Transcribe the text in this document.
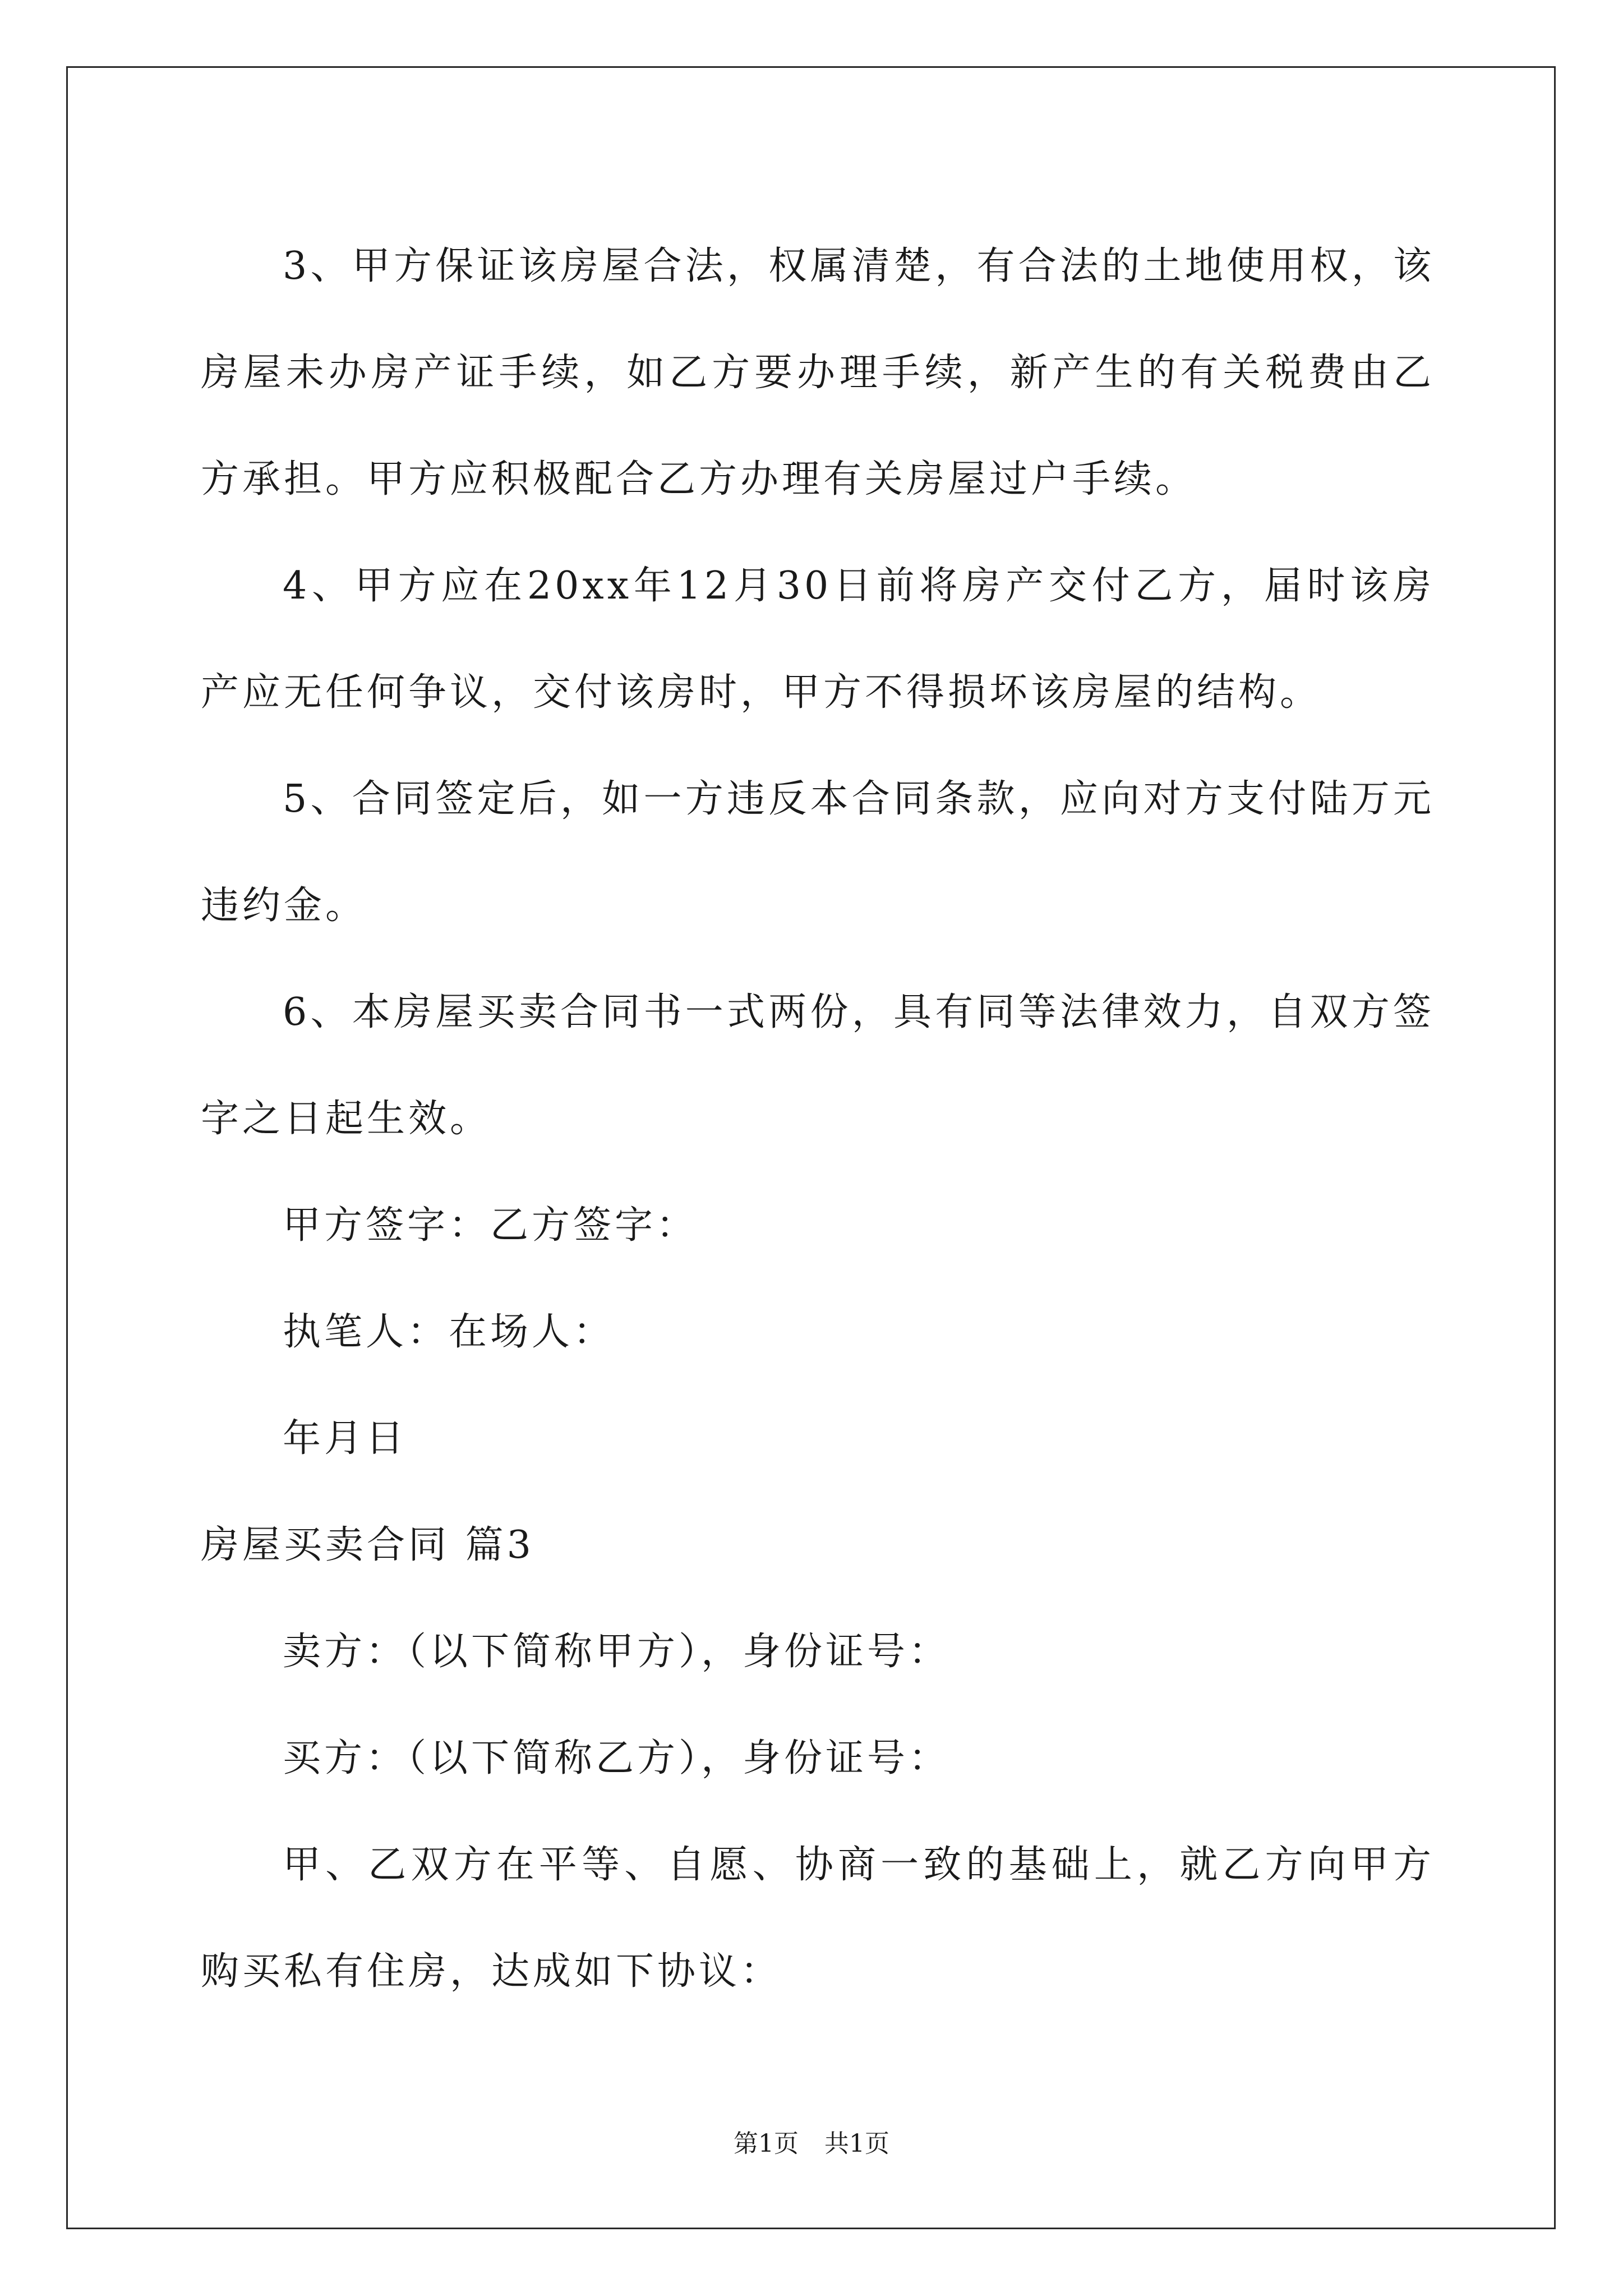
3、甲方保证该房屋合法，权属清楚，有合法的土地使用权，该房屋未办房产证手续，如乙方要办理手续，新产生的有关税费由乙方承担。甲方应积极配合乙方办理有关房屋过户手续。

4、甲方应在20xx年12月30日前将房产交付乙方，届时该房产应无任何争议，交付该房时，甲方不得损坏该房屋的结构。

5、合同签定后，如一方违反本合同条款，应向对方支付陆万元违约金。

6、本房屋买卖合同书一式两份，具有同等法律效力，自双方签字之日起生效。

甲方签字：乙方签字：

执笔人：在场人：

年月日

房屋买卖合同 篇3

卖方：（以下简称甲方），身份证号：

买方：（以下简称乙方），身份证号：

甲、乙双方在平等、自愿、协商一致的基础上，就乙方向甲方购买私有住房，达成如下协议：

第1页 共1页
